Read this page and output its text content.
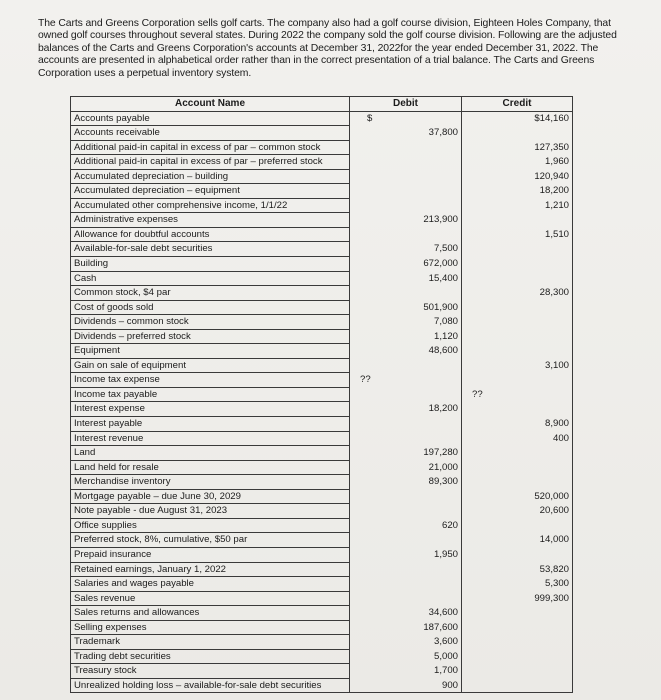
The Carts and Greens Corporation sells golf carts. The company also had a golf course division, Eighteen Holes Company, that owned golf courses throughout several states. During 2022 the company sold the golf course division. Following are the adjusted balances of the Carts and Greens Corporation's accounts at December 31, 2022for the year ended December 31, 2022. The accounts are presented in alphabetical order rather than in the correct presentation of a trial balance. The Carts and Greens Corporation uses a perpetual inventory system.

Account Name	Debit	Credit
Accounts payable	$	$14,160
Accounts receivable	37,800	
Additional paid-in capital in excess of par – common stock		127,350
Additional paid-in capital in excess of par – preferred stock		1,960
Accumulated depreciation – building		120,940
Accumulated depreciation – equipment		18,200
Accumulated other comprehensive income, 1/1/22		1,210
Administrative expenses	213,900	
Allowance for doubtful accounts		1,510
Available-for-sale debt securities	7,500	
Building	672,000	
Cash	15,400	
Common stock, $4 par		28,300
Cost of goods sold	501,900	
Dividends – common stock	7,080	
Dividends – preferred stock	1,120	
Equipment	48,600	
Gain on sale of equipment		3,100
Income tax expense	??	
Income tax payable		??
Interest expense	18,200	
Interest payable		8,900
Interest revenue		400
Land	197,280	
Land held for resale	21,000	
Merchandise inventory	89,300	
Mortgage payable – due June 30, 2029		520,000
Note payable - due August 31, 2023		20,600
Office supplies	620	
Preferred stock, 8%, cumulative, $50 par		14,000
Prepaid insurance	1,950	
Retained earnings, January 1, 2022		53,820
Salaries and wages payable		5,300
Sales revenue		999,300
Sales returns and allowances	34,600	
Selling expenses	187,600	
Trademark	3,600	
Trading debt securities	5,000	
Treasury stock	1,700	
Unrealized holding loss – available-for-sale debt securities	900	
